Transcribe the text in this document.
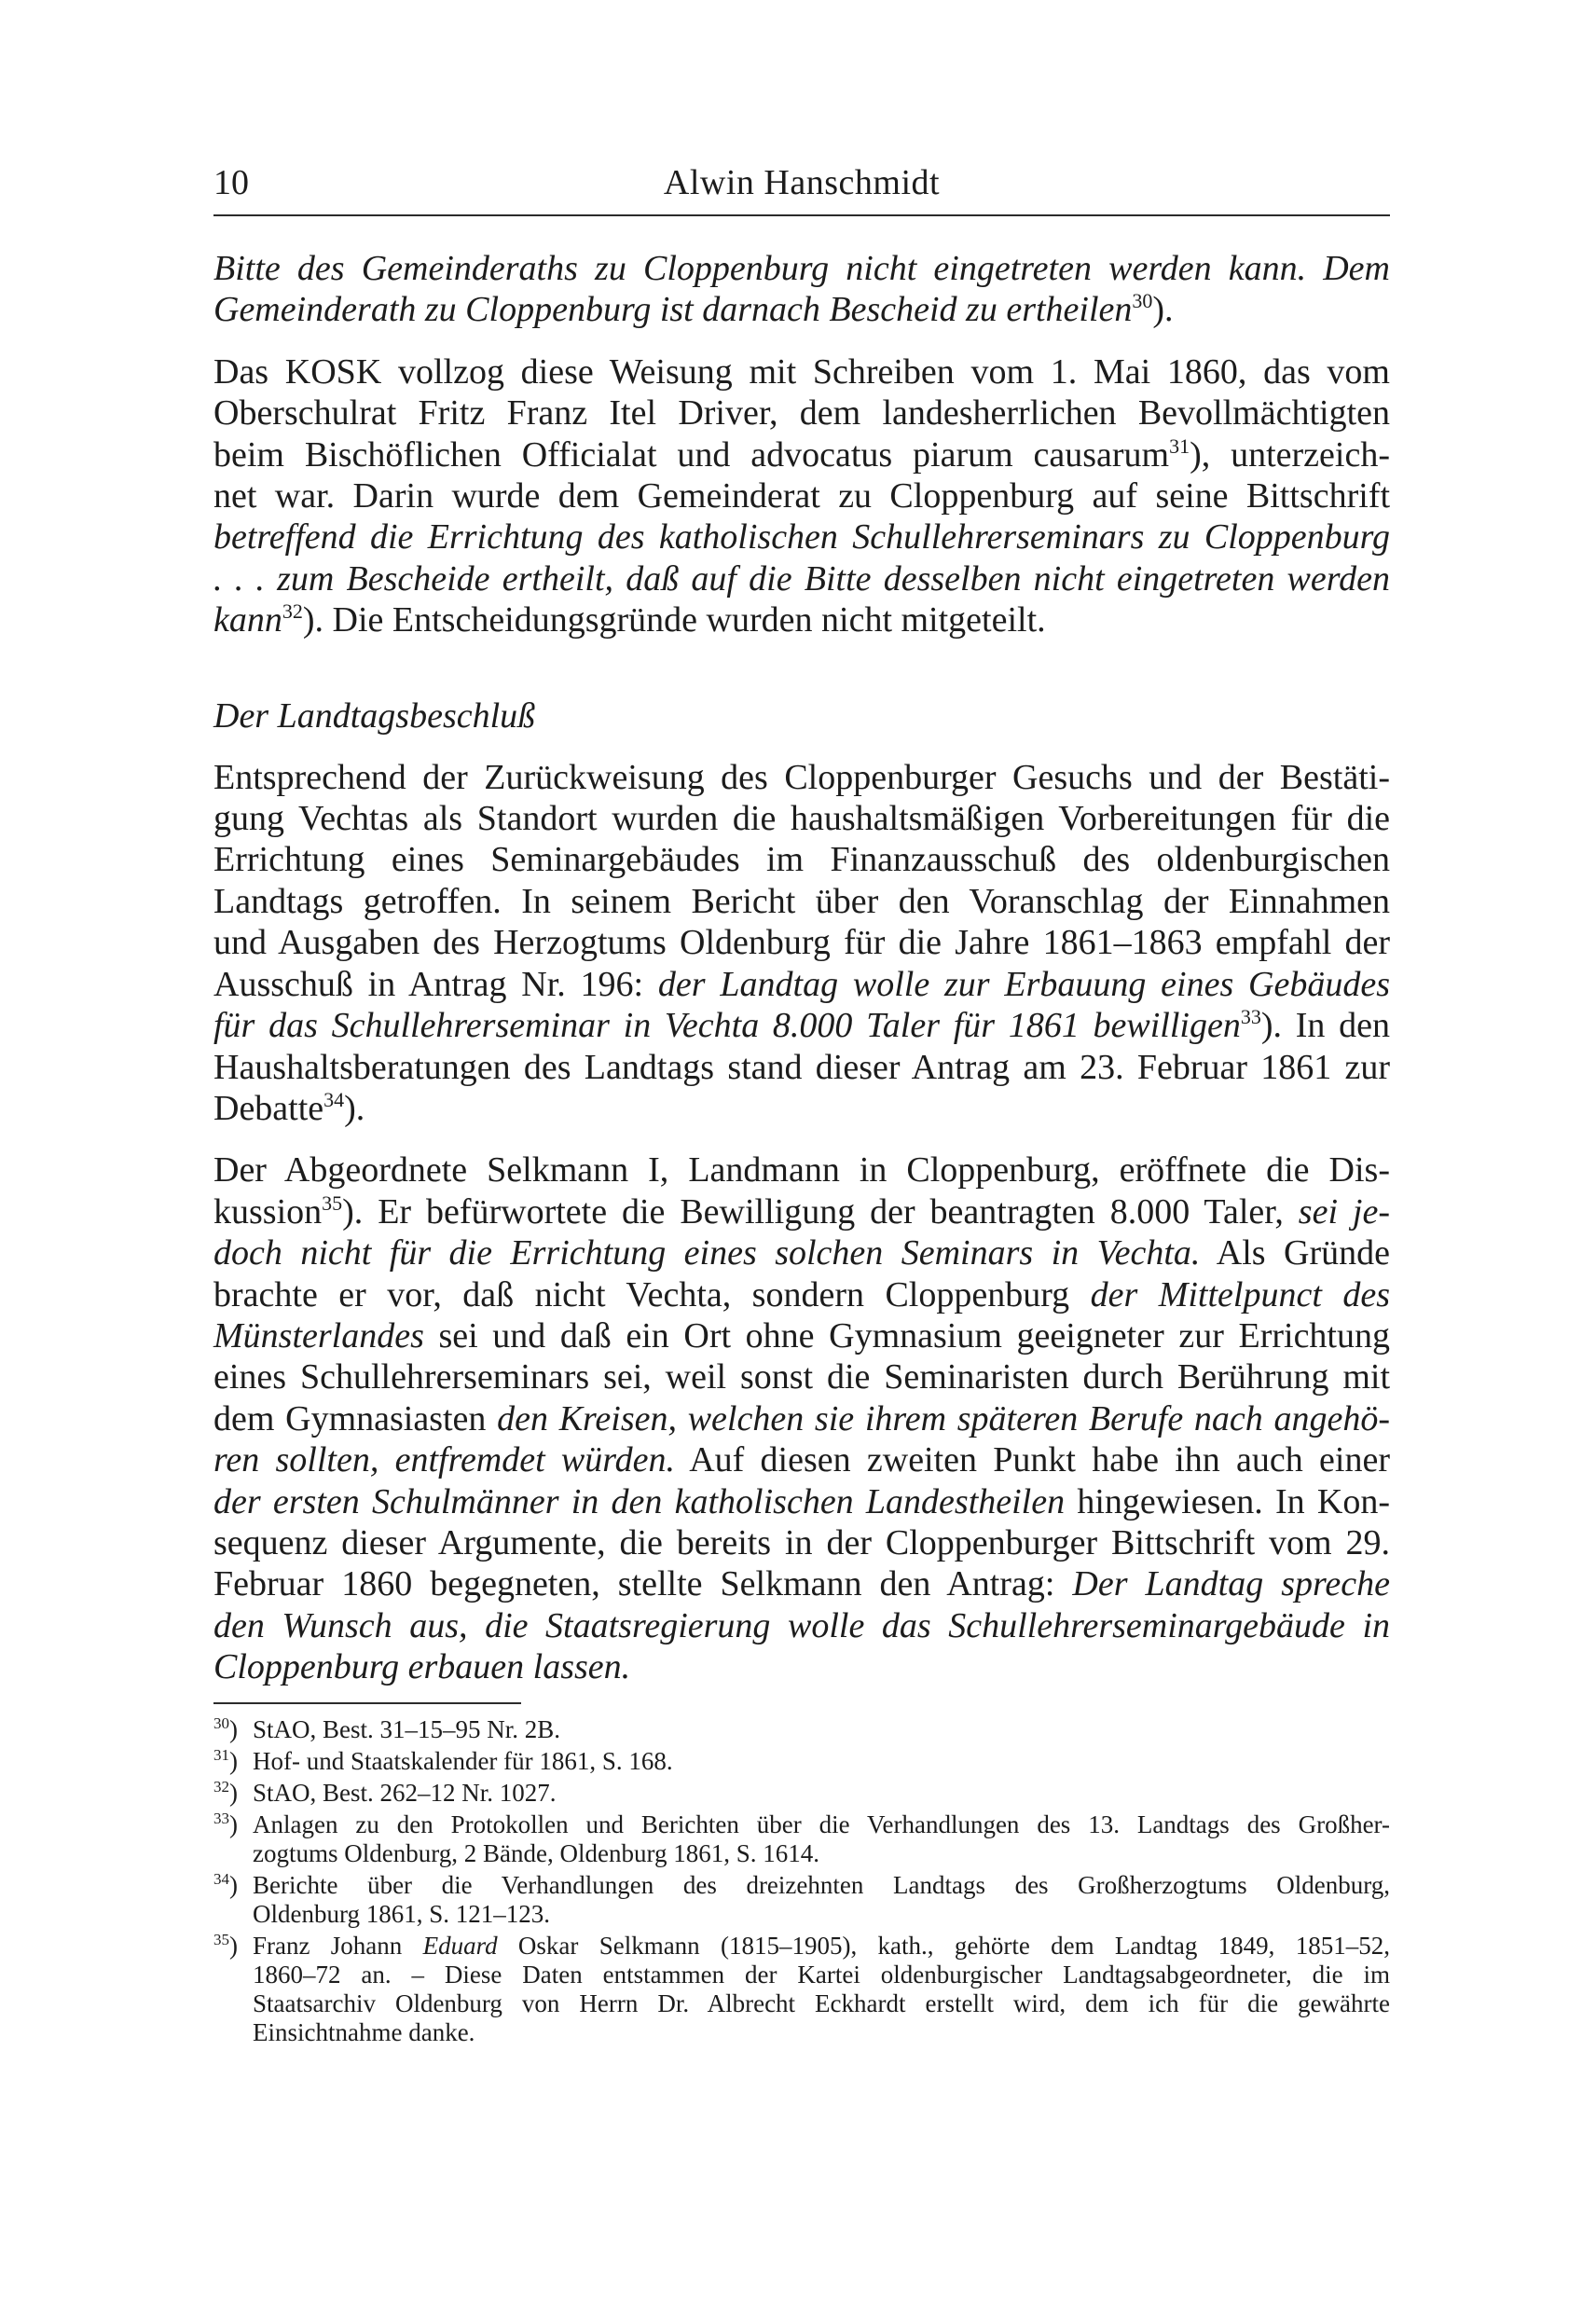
10	Alwin Hanschmidt

Bitte des Gemeinderaths zu Cloppenburg nicht eingetreten werden kann. Dem
Gemeinderath zu Cloppenburg ist darnach Bescheid zu ertheilen$^{30}$).

Das KOSK vollzog diese Weisung mit Schreiben vom 1. Mai 1860, das vom
Oberschulrat Fritz Franz Itel Driver, dem landesherrlichen Bevollmächtigten
beim Bischöflichen Officialat und advocatus piarum causarum$^{31}$), unterzeich-
net war. Darin wurde dem Gemeinderat zu Cloppenburg auf seine Bittschrift
betreffend die Errichtung des katholischen Schullehrerseminars zu Cloppenburg
. . . zum Bescheide ertheilt, daß auf die Bitte desselben nicht eingetreten werden
kann$^{32}$). Die Entscheidungsgründe wurden nicht mitgeteilt.

Der Landtagsbeschluß

Entsprechend der Zurückweisung des Cloppenburger Gesuchs und der Bestäti-
gung Vechtas als Standort wurden die haushaltsmäßigen Vorbereitungen für die
Errichtung eines Seminargebäudes im Finanzausschuß des oldenburgischen
Landtags getroffen. In seinem Bericht über den Voranschlag der Einnahmen
und Ausgaben des Herzogtums Oldenburg für die Jahre 1861–1863 empfahl der
Ausschuß in Antrag Nr. 196: der Landtag wolle zur Erbauung eines Gebäudes
für das Schullehrerseminar in Vechta 8.000 Taler für 1861 bewilligen$^{33}$). In den
Haushaltsberatungen des Landtags stand dieser Antrag am 23. Februar 1861 zur
Debatte$^{34}$).

Der Abgeordnete Selkmann I, Landmann in Cloppenburg, eröffnete die Dis-
kussion$^{35}$). Er befürwortete die Bewilligung der beantragten 8.000 Taler, sei je-
doch nicht für die Errichtung eines solchen Seminars in Vechta. Als Gründe
brachte er vor, daß nicht Vechta, sondern Cloppenburg der Mittelpunct des
Münsterlandes sei und daß ein Ort ohne Gymnasium geeigneter zur Errichtung
eines Schullehrerseminars sei, weil sonst die Seminaristen durch Berührung mit
dem Gymnasiasten den Kreisen, welchen sie ihrem späteren Berufe nach angehö-
ren sollten, entfremdet würden. Auf diesen zweiten Punkt habe ihn auch einer
der ersten Schulmänner in den katholischen Landestheilen hingewiesen. In Kon-
sequenz dieser Argumente, die bereits in der Cloppenburger Bittschrift vom 29.
Februar 1860 begegneten, stellte Selkmann den Antrag: Der Landtag spreche
den Wunsch aus, die Staatsregierung wolle das Schullehrerseminargebäude in
Cloppenburg erbauen lassen.

$^{30}$) StAO, Best. 31–15–95 Nr. 2B.
$^{31}$) Hof- und Staatskalender für 1861, S. 168.
$^{32}$) StAO, Best. 262–12 Nr. 1027.
$^{33}$) Anlagen zu den Protokollen und Berichten über die Verhandlungen des 13. Landtags des Großher-
zogtums Oldenburg, 2 Bände, Oldenburg 1861, S. 1614.
$^{34}$) Berichte über die Verhandlungen des dreizehnten Landtags des Großherzogtums Oldenburg,
Oldenburg 1861, S. 121–123.
$^{35}$) Franz Johann Eduard Oskar Selkmann (1815–1905), kath., gehörte dem Landtag 1849, 1851–52,
1860–72 an. – Diese Daten entstammen der Kartei oldenburgischer Landtagsabgeordneter, die im
Staatsarchiv Oldenburg von Herrn Dr. Albrecht Eckhardt erstellt wird, dem ich für die gewährte
Einsichtnahme danke.
